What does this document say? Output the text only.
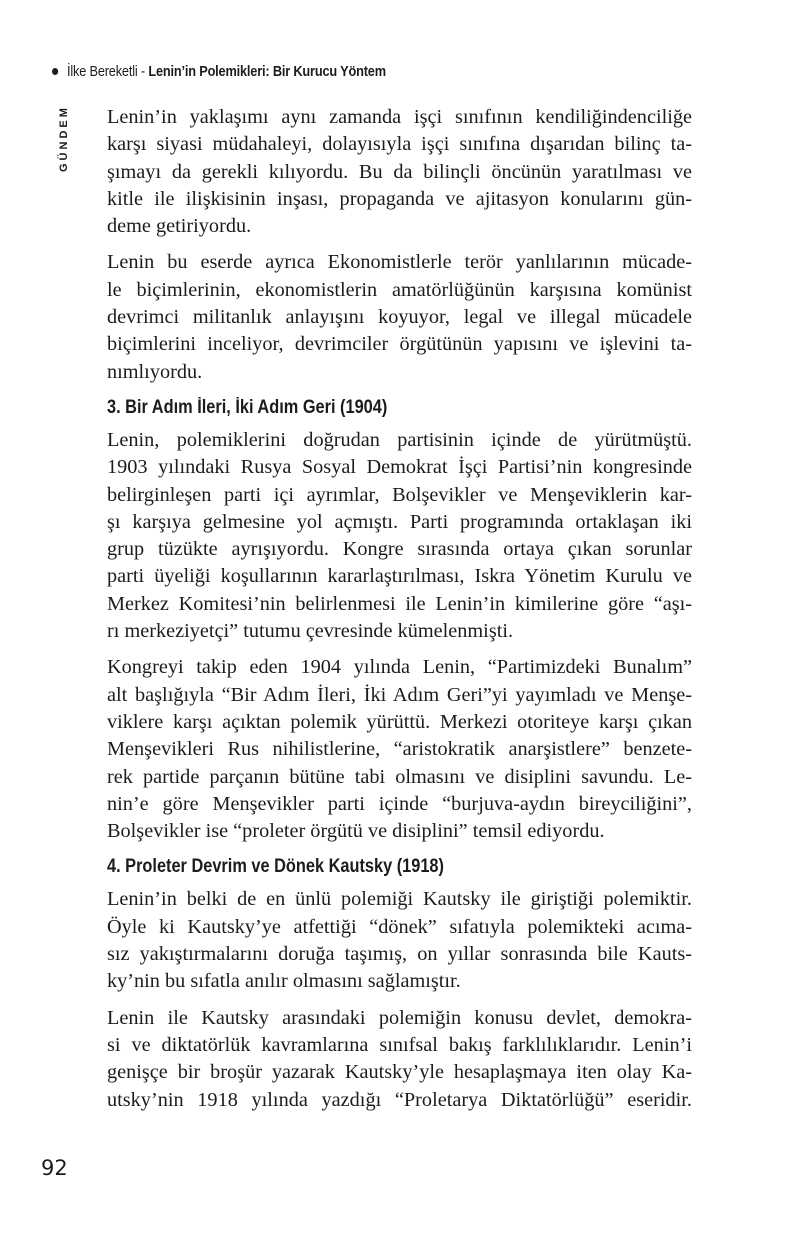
İlke Bereketli - Lenin’in Polemikleri: Bir Kurucu Yöntem
GÜNDEM Lenin’in yaklaşımı aynı zamanda işçi sınıfının kendiliğindenciliğe
karşı siyasi müdahaleyi, dolayısıyla işçi sınıfına dışarıdan bilinç ta-
şımayı da gerekli kılıyordu. Bu da bilinçli öncünün yaratılması ve
kitle ile ilişkisinin inşası, propaganda ve ajitasyon konularını gün-
deme getiriyordu.

Lenin bu eserde ayrıca Ekonomistlerle terör yanlılarının mücade-
le biçimlerinin, ekonomistlerin amatörlüğünün karşısına komünist
devrimci militanlık anlayışını koyuyor, legal ve illegal mücadele
biçimlerini inceliyor, devrimciler örgütünün yapısını ve işlevini ta-
nımlıyordu.

3. Bir Adım İleri, İki Adım Geri (1904)

Lenin, polemiklerini doğrudan partisinin içinde de yürütmüştü.
1903 yılındaki Rusya Sosyal Demokrat İşçi Partisi’nin kongresinde
belirginleşen parti içi ayrımlar, Bolşevikler ve Menşeviklerin kar-
şı karşıya gelmesine yol açmıştı. Parti programında ortaklaşan iki
grup tüzükte ayrışıyordu. Kongre sırasında ortaya çıkan sorunlar
parti üyeliği koşullarının kararlaştırılması, Iskra Yönetim Kurulu ve
Merkez Komitesi’nin belirlenmesi ile Lenin’in kimilerine göre “aşı-
rı merkeziyetçi” tutumu çevresinde kümelenmişti.

Kongreyi takip eden 1904 yılında Lenin, “Partimizdeki Bunalım”
alt başlığıyla “Bir Adım İleri, İki Adım Geri”yi yayımladı ve Menşe-
viklere karşı açıktan polemik yürüttü. Merkezi otoriteye karşı çıkan
Menşevikleri Rus nihilistlerine, “aristokratik anarşistlere” benzete-
rek partide parçanın bütüne tabi olmasını ve disiplini savundu. Le-
nin’e göre Menşevikler parti içinde “burjuva-aydın bireyciliğini”,
Bolşevikler ise “proleter örgütü ve disiplini” temsil ediyordu.

4. Proleter Devrim ve Dönek Kautsky (1918)

Lenin’in belki de en ünlü polemiği Kautsky ile giriştiği polemiktir.
Öyle ki Kautsky’ye atfettiği “dönek” sıfatıyla polemikteki acıma-
sız yakıştırmalarını doruğa taşımış, on yıllar sonrasında bile Kauts-
ky’nin bu sıfatla anılır olmasını sağlamıştır.

Lenin ile Kautsky arasındaki polemiğin konusu devlet, demokra-
si ve diktatörlük kavramlarına sınıfsal bakış farklılıklarıdır. Lenin’i
genişçe bir broşür yazarak Kautsky’yle hesaplaşmaya iten olay Ka-
utsky’nin 1918 yılında yazdığı “Proletarya Diktatörlüğü” eseridir.

92
